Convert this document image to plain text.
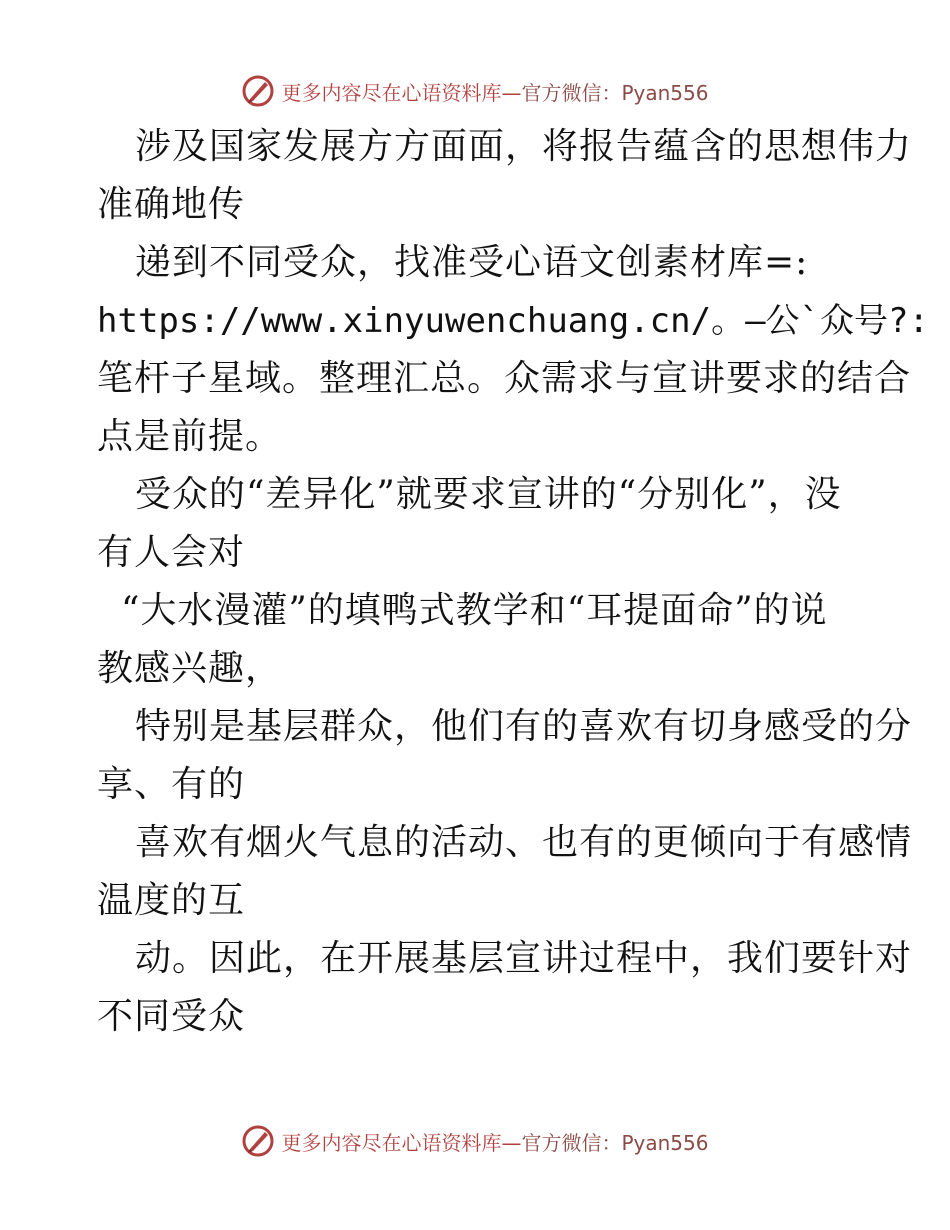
更多内容尽在心语资料库—官方微信：Pyan556
涉及国家发展方方面面，将报告蕴含的思想伟力
准确地传
递到不同受众，找准受心语文创素材库=:
https://www.xinyuwenchuang.cn/。—公`众号?:
笔杆子星域。整理汇总。众需求与宣讲要求的结合
点是前提。
受众的“差异化”就要求宣讲的“分别化”，没
有人会对
“大水漫灌”的填鸭式教学和“耳提面命”的说
教感兴趣，
特别是基层群众，他们有的喜欢有切身感受的分
享、有的
喜欢有烟火气息的活动、也有的更倾向于有感情
温度的互
动。因此，在开展基层宣讲过程中，我们要针对
不同受众
更多内容尽在心语资料库—官方微信：Pyan556
